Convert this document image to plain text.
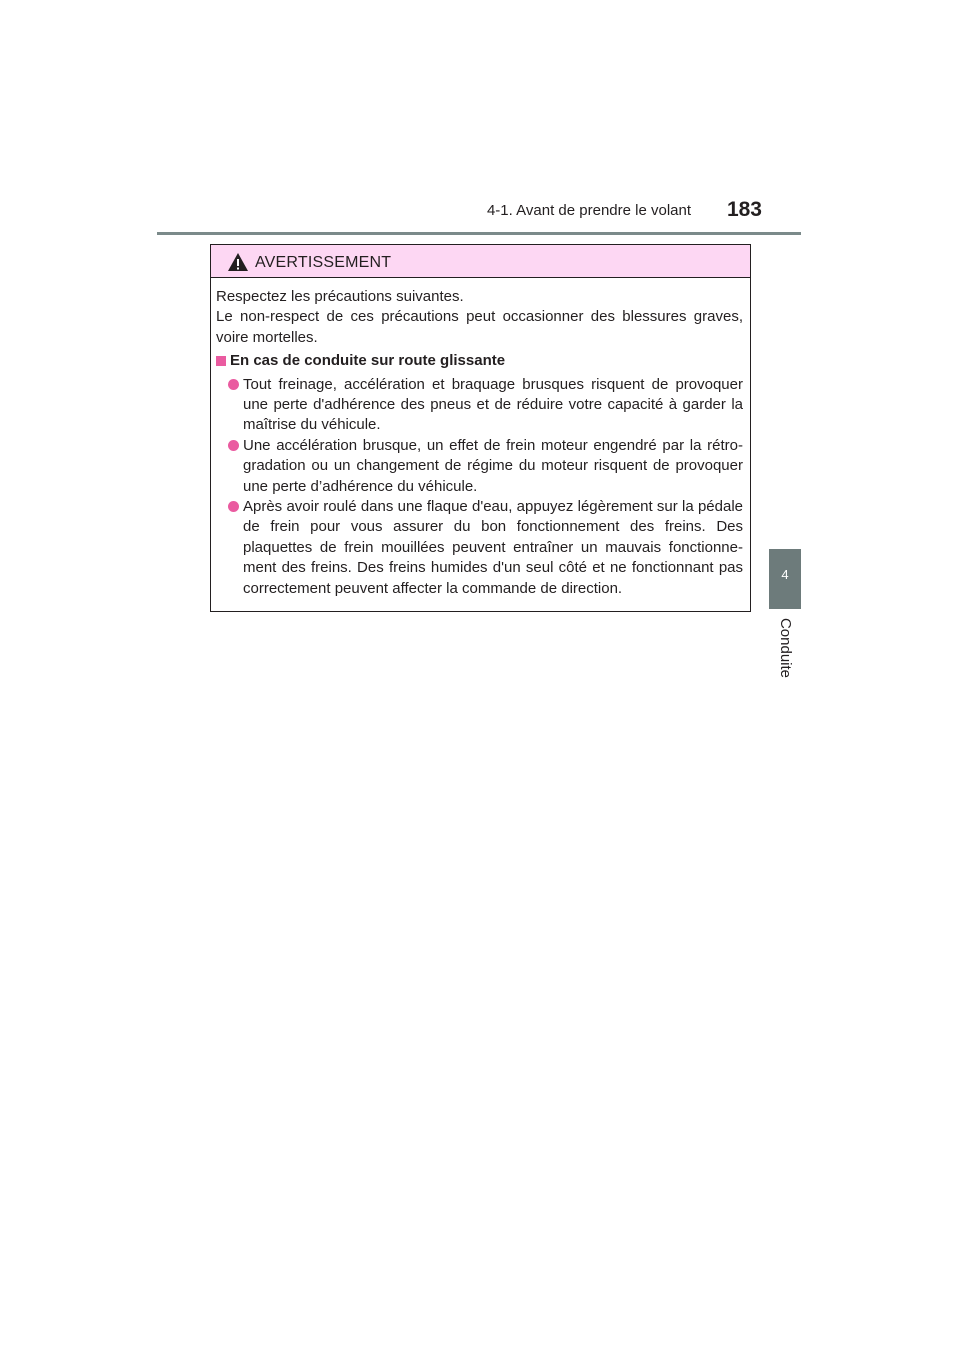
4-1. Avant de prendre le volant	183
4
Conduite
AVERTISSEMENT

Respectez les précautions suivantes.

Le non-respect de ces précautions peut occasionner des blessures graves, voire mortelles.

En cas de conduite sur route glissante

Tout freinage, accélération et braquage brusques risquent de provoquer une perte d'adhérence des pneus et de réduire votre capacité à garder la maîtrise du véhicule.

Une accélération brusque, un effet de frein moteur engendré par la rétro-gradation ou un changement de régime du moteur risquent de provoquer une perte d’adhérence du véhicule.

Après avoir roulé dans une flaque d'eau, appuyez légèrement sur la pédale de frein pour vous assurer du bon fonctionnement des freins. Des plaquettes de frein mouillées peuvent entraîner un mauvais fonctionne-ment des freins. Des freins humides d'un seul côté et ne fonctionnant pas correctement peuvent affecter la commande de direction.
